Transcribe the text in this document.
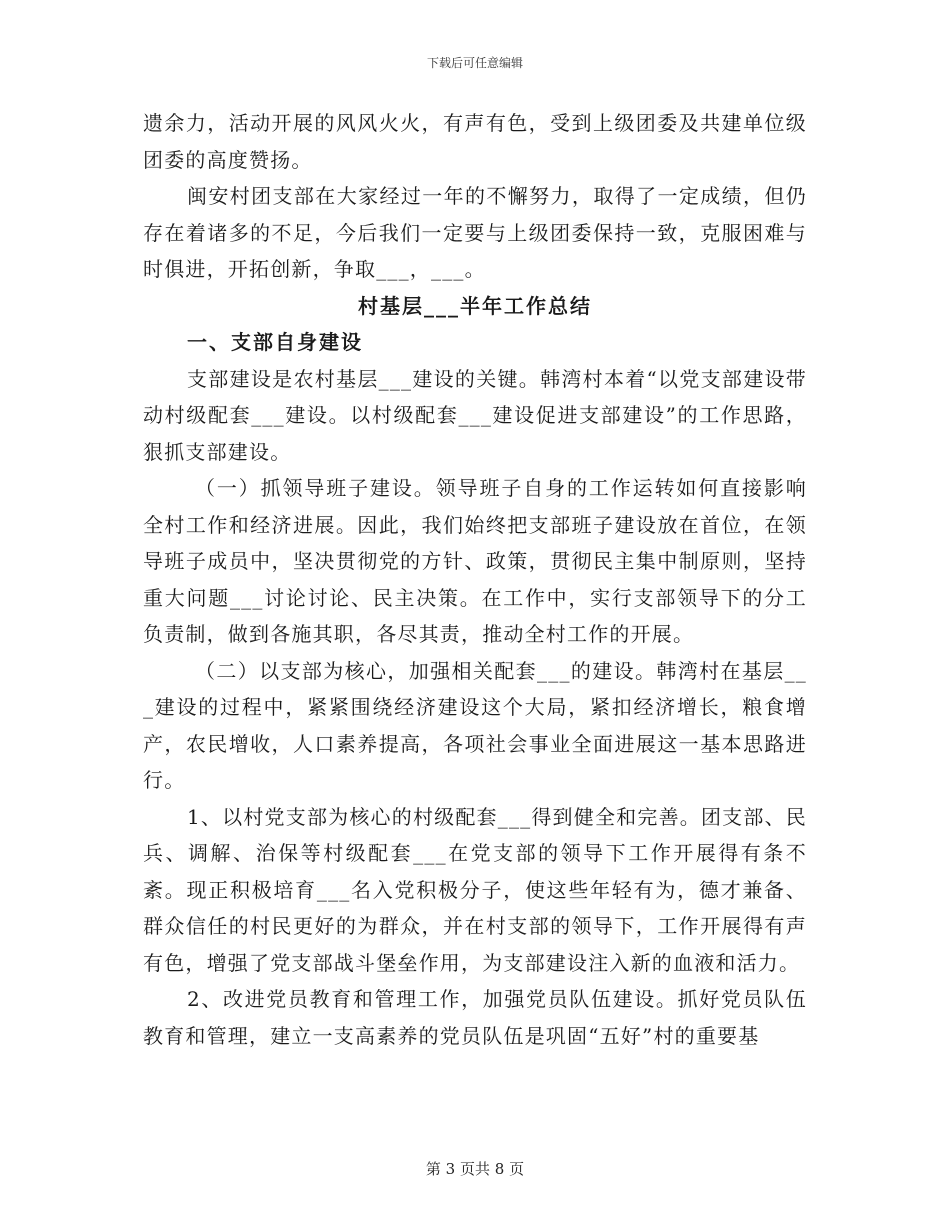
下载后可任意编辑

遗余力，活动开展的风风火火，有声有色，受到上级团委及共建单位级团委的高度赞扬。

闽安村团支部在大家经过一年的不懈努力，取得了一定成绩，但仍存在着诸多的不足，今后我们一定要与上级团委保持一致，克服困难与时俱进，开拓创新，争取___，___。

村基层___半年工作总结
一、支部自身建设

支部建设是农村基层___建设的关键。韩湾村本着“以党支部建设带动村级配套___建设。以村级配套___建设促进支部建设”的工作思路，狠抓支部建设。

（一）抓领导班子建设。领导班子自身的工作运转如何直接影响全村工作和经济进展。因此，我们始终把支部班子建设放在首位，在领导班子成员中，坚决贯彻党的方针、政策，贯彻民主集中制原则，坚持重大问题___讨论讨论、民主决策。在工作中，实行支部领导下的分工负责制，做到各施其职，各尽其责，推动全村工作的开展。

（二）以支部为核心，加强相关配套___的建设。韩湾村在基层___建设的过程中，紧紧围绕经济建设这个大局，紧扣经济增长，粮食增产，农民增收，人口素养提高，各项社会事业全面进展这一基本思路进行。

1、以村党支部为核心的村级配套___得到健全和完善。团支部、民兵、调解、治保等村级配套___在党支部的领导下工作开展得有条不紊。现正积极培育___名入党积极分子，使这些年轻有为，德才兼备、群众信任的村民更好的为群众，并在村支部的领导下，工作开展得有声有色，增强了党支部战斗堡垒作用，为支部建设注入新的血液和活力。

2、改进党员教育和管理工作，加强党员队伍建设。抓好党员队伍教育和管理，建立一支高素养的党员队伍是巩固“五好”村的重要基

第 3 页共 8 页
